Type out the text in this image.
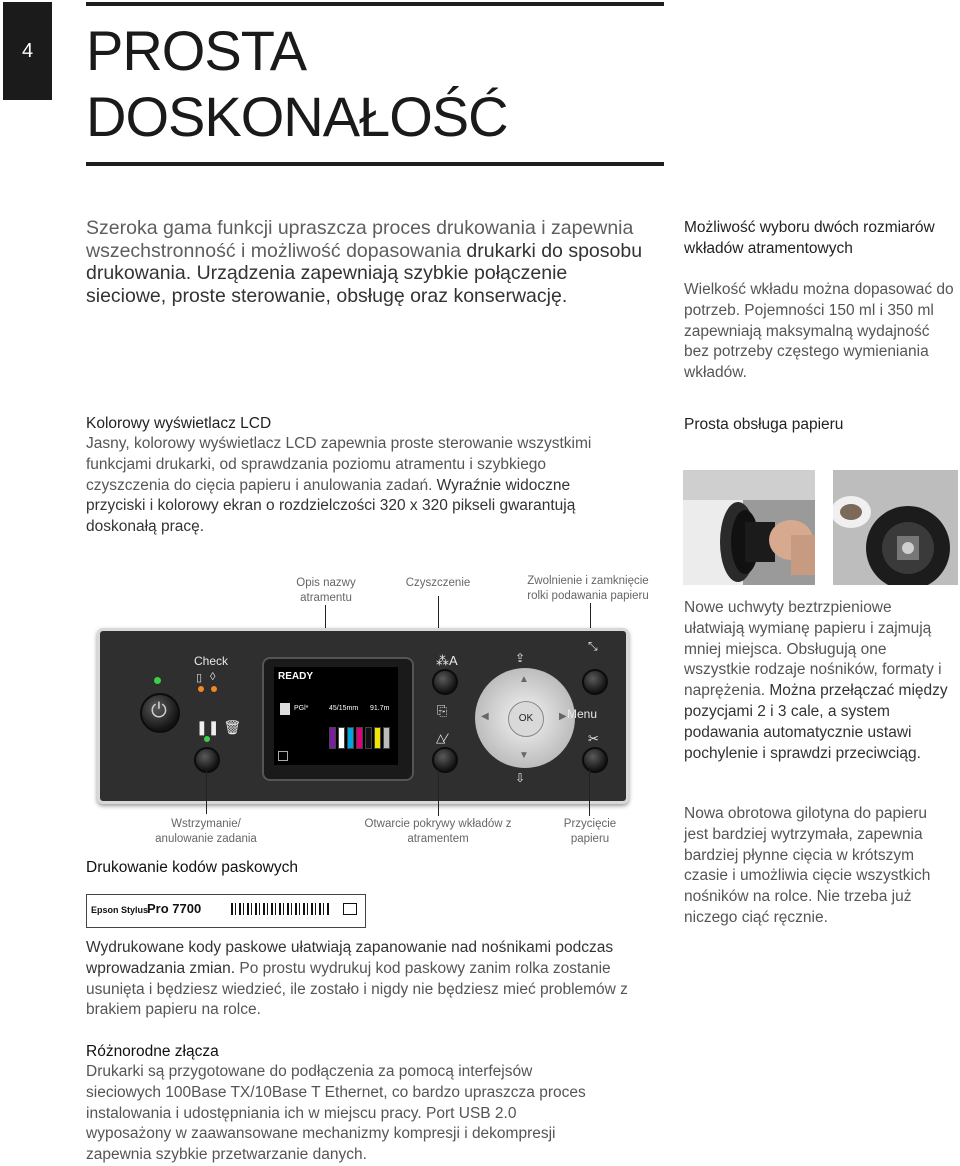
4 PROSTA
DOSKONAŁOŚĆ
Szeroka gama funkcji upraszcza proces drukowania i zapewnia wszechstronność i możliwość dopasowania drukarki do sposobu drukowania. Urządzenia zapewniają szybkie połączenie sieciowe, proste sterowanie, obsługę oraz konserwację.
Możliwość wyboru dwóch rozmiarów wkładów atramentowych
Wielkość wkładu można dopasować do potrzeb. Pojemności 150 ml i 350 ml zapewniają maksymalną wydajność bez potrzeby częstego wymieniania wkładów.
Kolorowy wyświetlacz LCD
Jasny, kolorowy wyświetlacz LCD zapewnia proste sterowanie wszystkimi funkcjami drukarki, od sprawdzania poziomu atramentu i szybkiego czyszczenia do cięcia papieru i anulowania zadań. Wyraźnie widoczne przyciski i kolorowy ekran o rozdzielczości 320 x 320 pikseli gwarantują doskonałą pracę.
Prosta obsługa papieru
Nowe uchwyty beztrzpieniowe ułatwiają wymianę papieru i zajmują mniej miejsca. Obsługują one wszystkie rodzaje nośników, formaty i naprężenia. Można przełączać między pozycjami 2 i 3 cale, a system podawania automatycznie ustawi pochylenie i sprawdzi przeciwciąg.
Nowa obrotowa gilotyna do papieru jest bardziej wytrzymała, zapewnia bardziej płynne cięcia w krótszym czasie i umożliwia cięcie wszystkich nośników na rolce. Nie trzeba już niczego ciąć ręcznie.
Opis nazwy atramentu
Czyszczenie	Zwolnienie i zamknięcie rolki podawania papieru
⏻
Check
▯ ◊
❚❚ 🗑
READY
PGl*	45/15mm 91.7m
⁂A
⎘
△⁄
▲
▼
◀	▶
OK
⇪
⇩
⤡
Menu
✂
Wstrzymanie/ anulowanie zadania
Otwarcie pokrywy wkładów z atramentem
Przycięcie papieru
Drukowanie kodów paskowych
Epson Stylus
Pro 7700
Wydrukowane kody paskowe ułatwiają zapanowanie nad nośnikami podczas wprowadzania zmian. Po prostu wydrukuj kod paskowy zanim rolka zostanie usunięta i będziesz wiedzieć, ile zostało i nigdy nie będziesz mieć problemów z brakiem papieru na rolce.
Różnorodne złącza
Drukarki są przygotowane do podłączenia za pomocą interfejsów sieciowych 100Base TX/10Base T Ethernet, co bardzo upraszcza proces instalowania i udostępniania ich w miejscu pracy. Port USB 2.0 wyposażony w zaawansowane mechanizmy kompresji i dekompresji zapewnia szybkie przetwarzanie danych.
